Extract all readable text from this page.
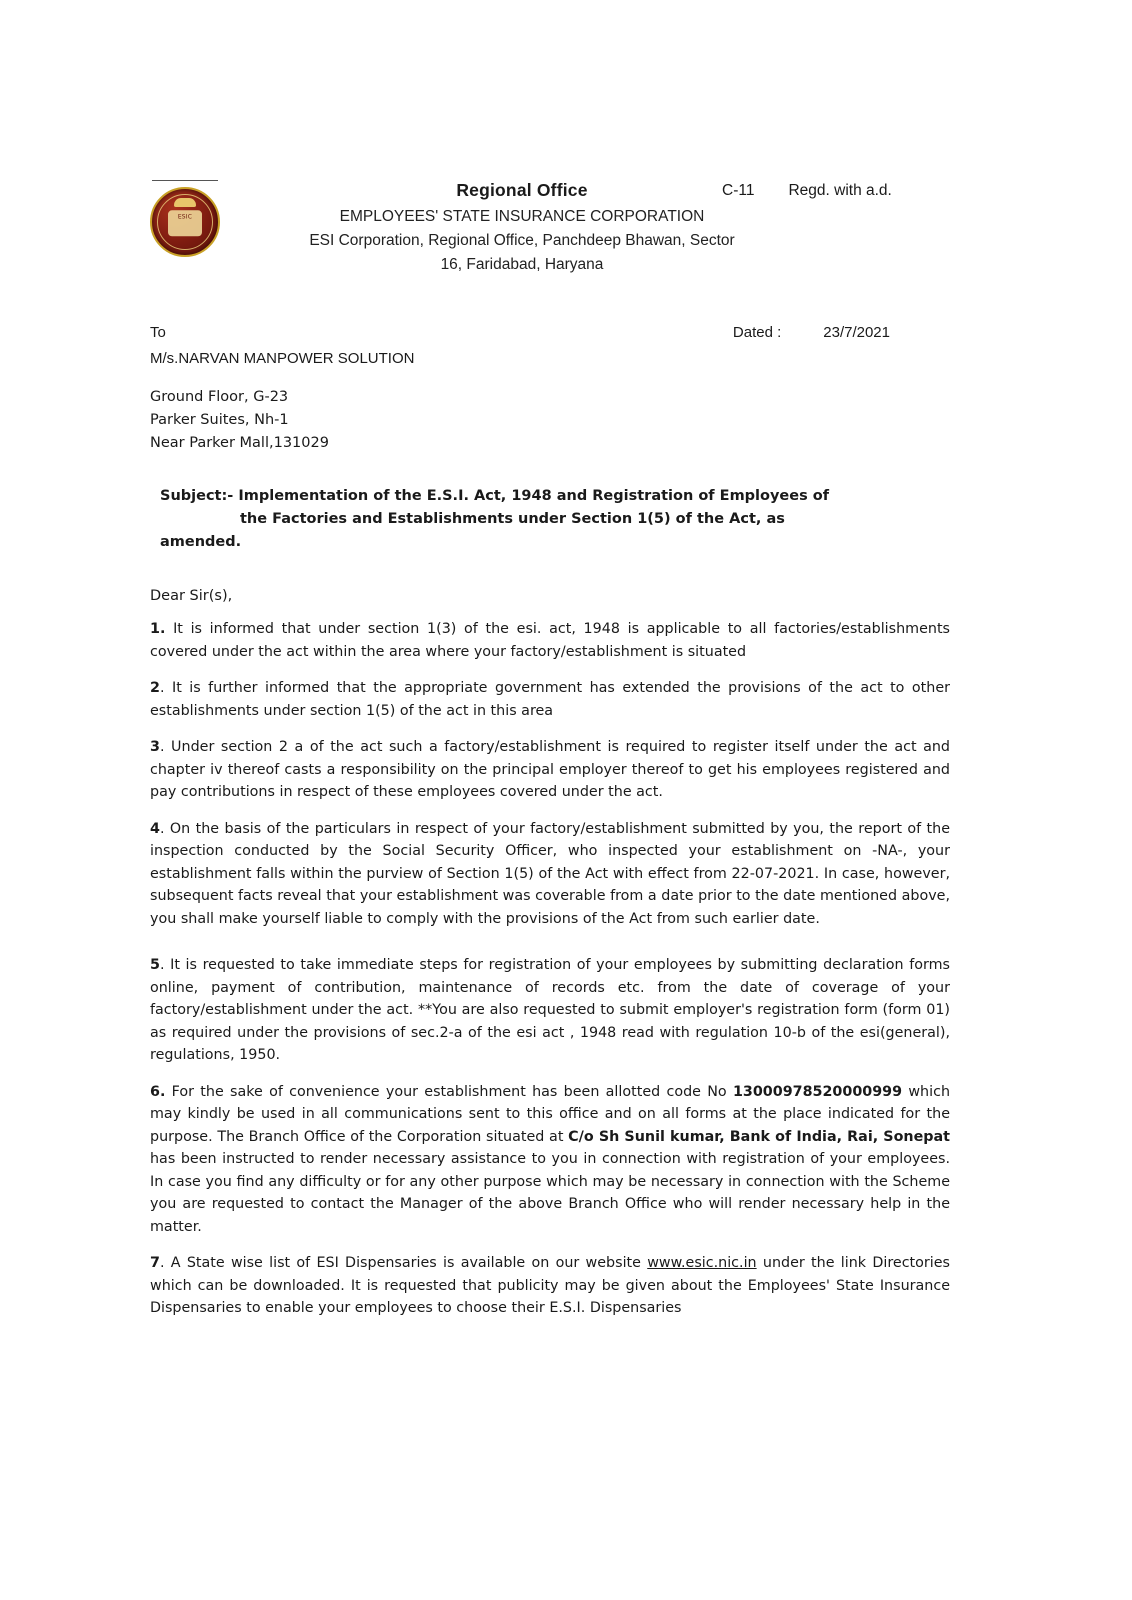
ESIC
Regional Office
EMPLOYEES' STATE INSURANCE CORPORATION
ESI Corporation, Regional Office, Panchdeep Bhawan, Sector
16, Faridabad, Haryana
C-11 Regd. with a.d.
To
M/s.NARVAN MANPOWER SOLUTION
Dated :	23/7/2021
Ground Floor, G-23
Parker Suites, Nh-1
Near Parker Mall,131029
Subject:- Implementation of the E.S.I. Act, 1948 and Registration of Employees of
the Factories and Establishments under Section 1(5) of the Act, as
amended.
Dear Sir(s),
1. It is informed that under section 1(3) of the esi. act, 1948 is applicable to all factories/establishments covered under the act within the area where your factory/establishment is situated
2. It is further informed that the appropriate government has extended the provisions of the act to other establishments under section 1(5) of the act in this area
3. Under section 2 a of the act such a factory/establishment is required to register itself under the act and chapter iv thereof casts a responsibility on the principal employer thereof to get his employees registered and pay contributions in respect of these employees covered under the act.
4. On the basis of the particulars in respect of your factory/establishment submitted by you, the report of the inspection conducted by the Social Security Officer, who inspected your establishment on -NA-, your establishment falls within the purview of Section 1(5) of the Act with effect from 22-07-2021. In case, however, subsequent facts reveal that your establishment was coverable from a date prior to the date mentioned above, you shall make yourself liable to comply with the provisions of the Act from such earlier date.
5. It is requested to take immediate steps for registration of your employees by submitting declaration forms online, payment of contribution, maintenance of records etc. from the date of coverage of your factory/establishment under the act. **You are also requested to submit employer's registration form (form 01) as required under the provisions of sec.2-a of the esi act , 1948 read with regulation 10-b of the esi(general), regulations, 1950.
6. For the sake of convenience your establishment has been allotted code No 13000978520000999 which may kindly be used in all communications sent to this office and on all forms at the place indicated for the purpose. The Branch Office of the Corporation situated at C/o Sh Sunil kumar, Bank of India, Rai, Sonepat has been instructed to render necessary assistance to you in connection with registration of your employees. In case you find any difficulty or for any other purpose which may be necessary in connection with the Scheme you are requested to contact the Manager of the above Branch Office who will render necessary help in the matter.
7. A State wise list of ESI Dispensaries is available on our website www.esic.nic.in under the link Directories which can be downloaded. It is requested that publicity may be given about the Employees' State Insurance Dispensaries to enable your employees to choose their E.S.I. Dispensaries
